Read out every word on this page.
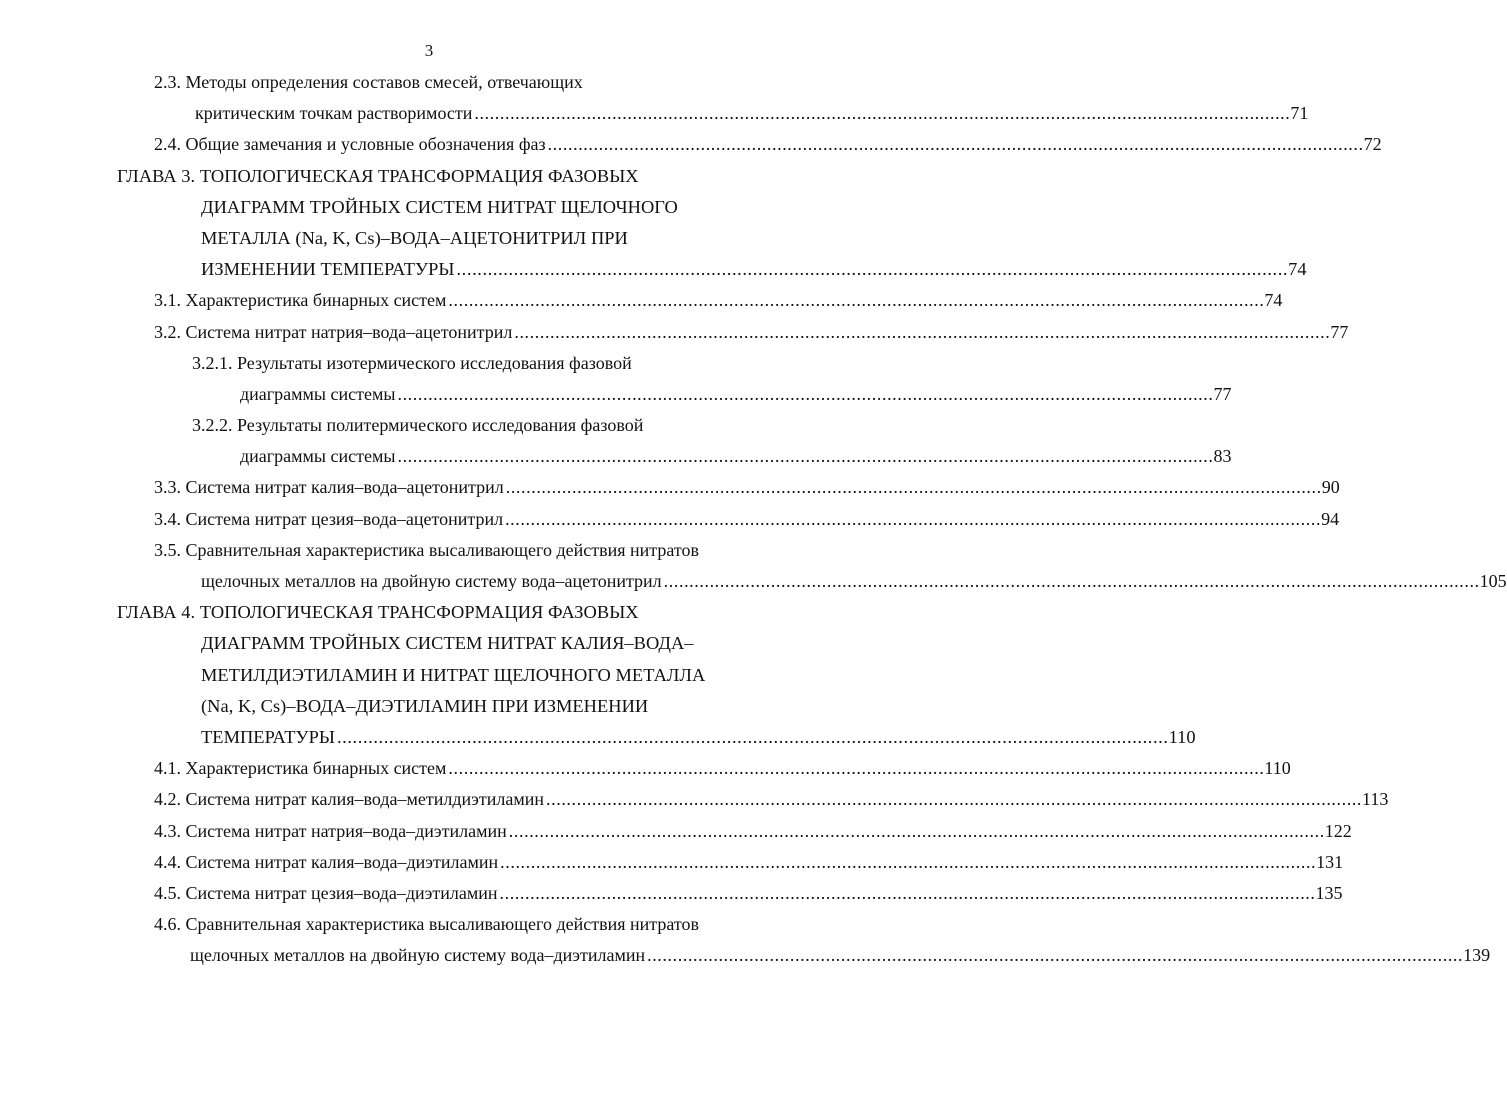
3
2.3. Методы определения составов смесей, отвечающих
критическим точкам растворимости ................................................................................................................................................................ 71
2.4. Общие замечания и условные обозначения фаз ................................................................................................................................................................ 72
ГЛАВА 3. ТОПОЛОГИЧЕСКАЯ ТРАНСФОРМАЦИЯ ФАЗОВЫХ
ДИАГРАММ ТРОЙНЫХ СИСТЕМ НИТРАТ ЩЕЛОЧНОГО
МЕТАЛЛА (Na, K, Cs)–ВОДА–АЦЕТОНИТРИЛ ПРИ
ИЗМЕНЕНИИ ТЕМПЕРАТУРЫ ................................................................................................................................................................ 74
3.1. Характеристика бинарных систем ................................................................................................................................................................ 74
3.2. Система нитрат натрия–вода–ацетонитрил ................................................................................................................................................................ 77
3.2.1. Результаты изотермического исследования фазовой
диаграммы системы ................................................................................................................................................................ 77
3.2.2. Результаты политермического исследования фазовой
диаграммы системы ................................................................................................................................................................ 83
3.3. Система нитрат калия–вода–ацетонитрил ................................................................................................................................................................ 90
3.4. Система нитрат цезия–вода–ацетонитрил ................................................................................................................................................................ 94
3.5. Сравнительная характеристика высаливающего действия нитратов
щелочных металлов на двойную систему вода–ацетонитрил ................................................................................................................................................................ 105
ГЛАВА 4. ТОПОЛОГИЧЕСКАЯ ТРАНСФОРМАЦИЯ ФАЗОВЫХ
ДИАГРАММ ТРОЙНЫХ СИСТЕМ НИТРАТ КАЛИЯ–ВОДА–
МЕТИЛДИЭТИЛАМИН И НИТРАТ ЩЕЛОЧНОГО МЕТАЛЛА
(Na, K, Cs)–ВОДА–ДИЭТИЛАМИН ПРИ ИЗМЕНЕНИИ
ТЕМПЕРАТУРЫ ................................................................................................................................................................ 110
4.1. Характеристика бинарных систем ................................................................................................................................................................ 110
4.2. Система нитрат калия–вода–метилдиэтиламин ................................................................................................................................................................ 113
4.3. Система нитрат натрия–вода–диэтиламин ................................................................................................................................................................ 122
4.4. Система нитрат калия–вода–диэтиламин ................................................................................................................................................................ 131
4.5. Система нитрат цезия–вода–диэтиламин ................................................................................................................................................................ 135
4.6. Сравнительная характеристика высаливающего действия нитратов
щелочных металлов на двойную систему вода–диэтиламин ................................................................................................................................................................ 139
